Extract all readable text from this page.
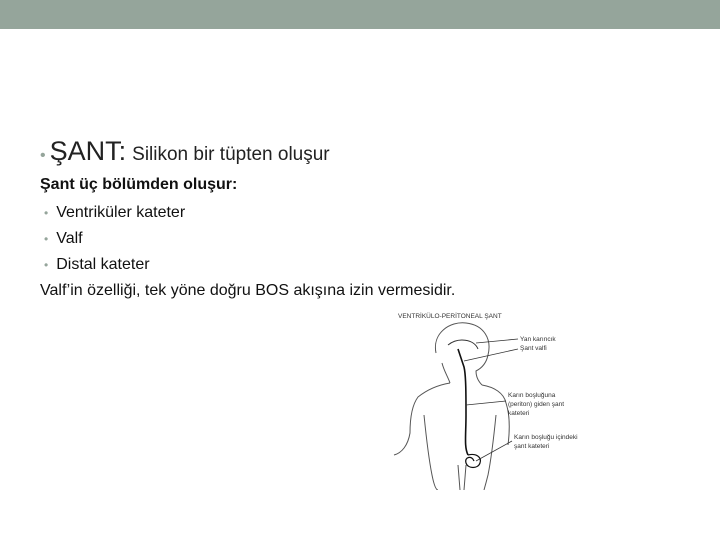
• ŞANT: Silikon bir tüpten oluşur
Şant üç bölümden oluşur:
• Ventriküler kateter
• Valf
• Distal kateter
Valf’in özelliği, tek yöne doğru BOS akışına izin vermesidir.
VENTRİKÜLO-PERİTONEAL ŞANT
Yan karıncık
Şant valfi
Karın boşluğuna
(periton) giden şant
kateteri
Karın boşluğu içindeki
şant kateteri
